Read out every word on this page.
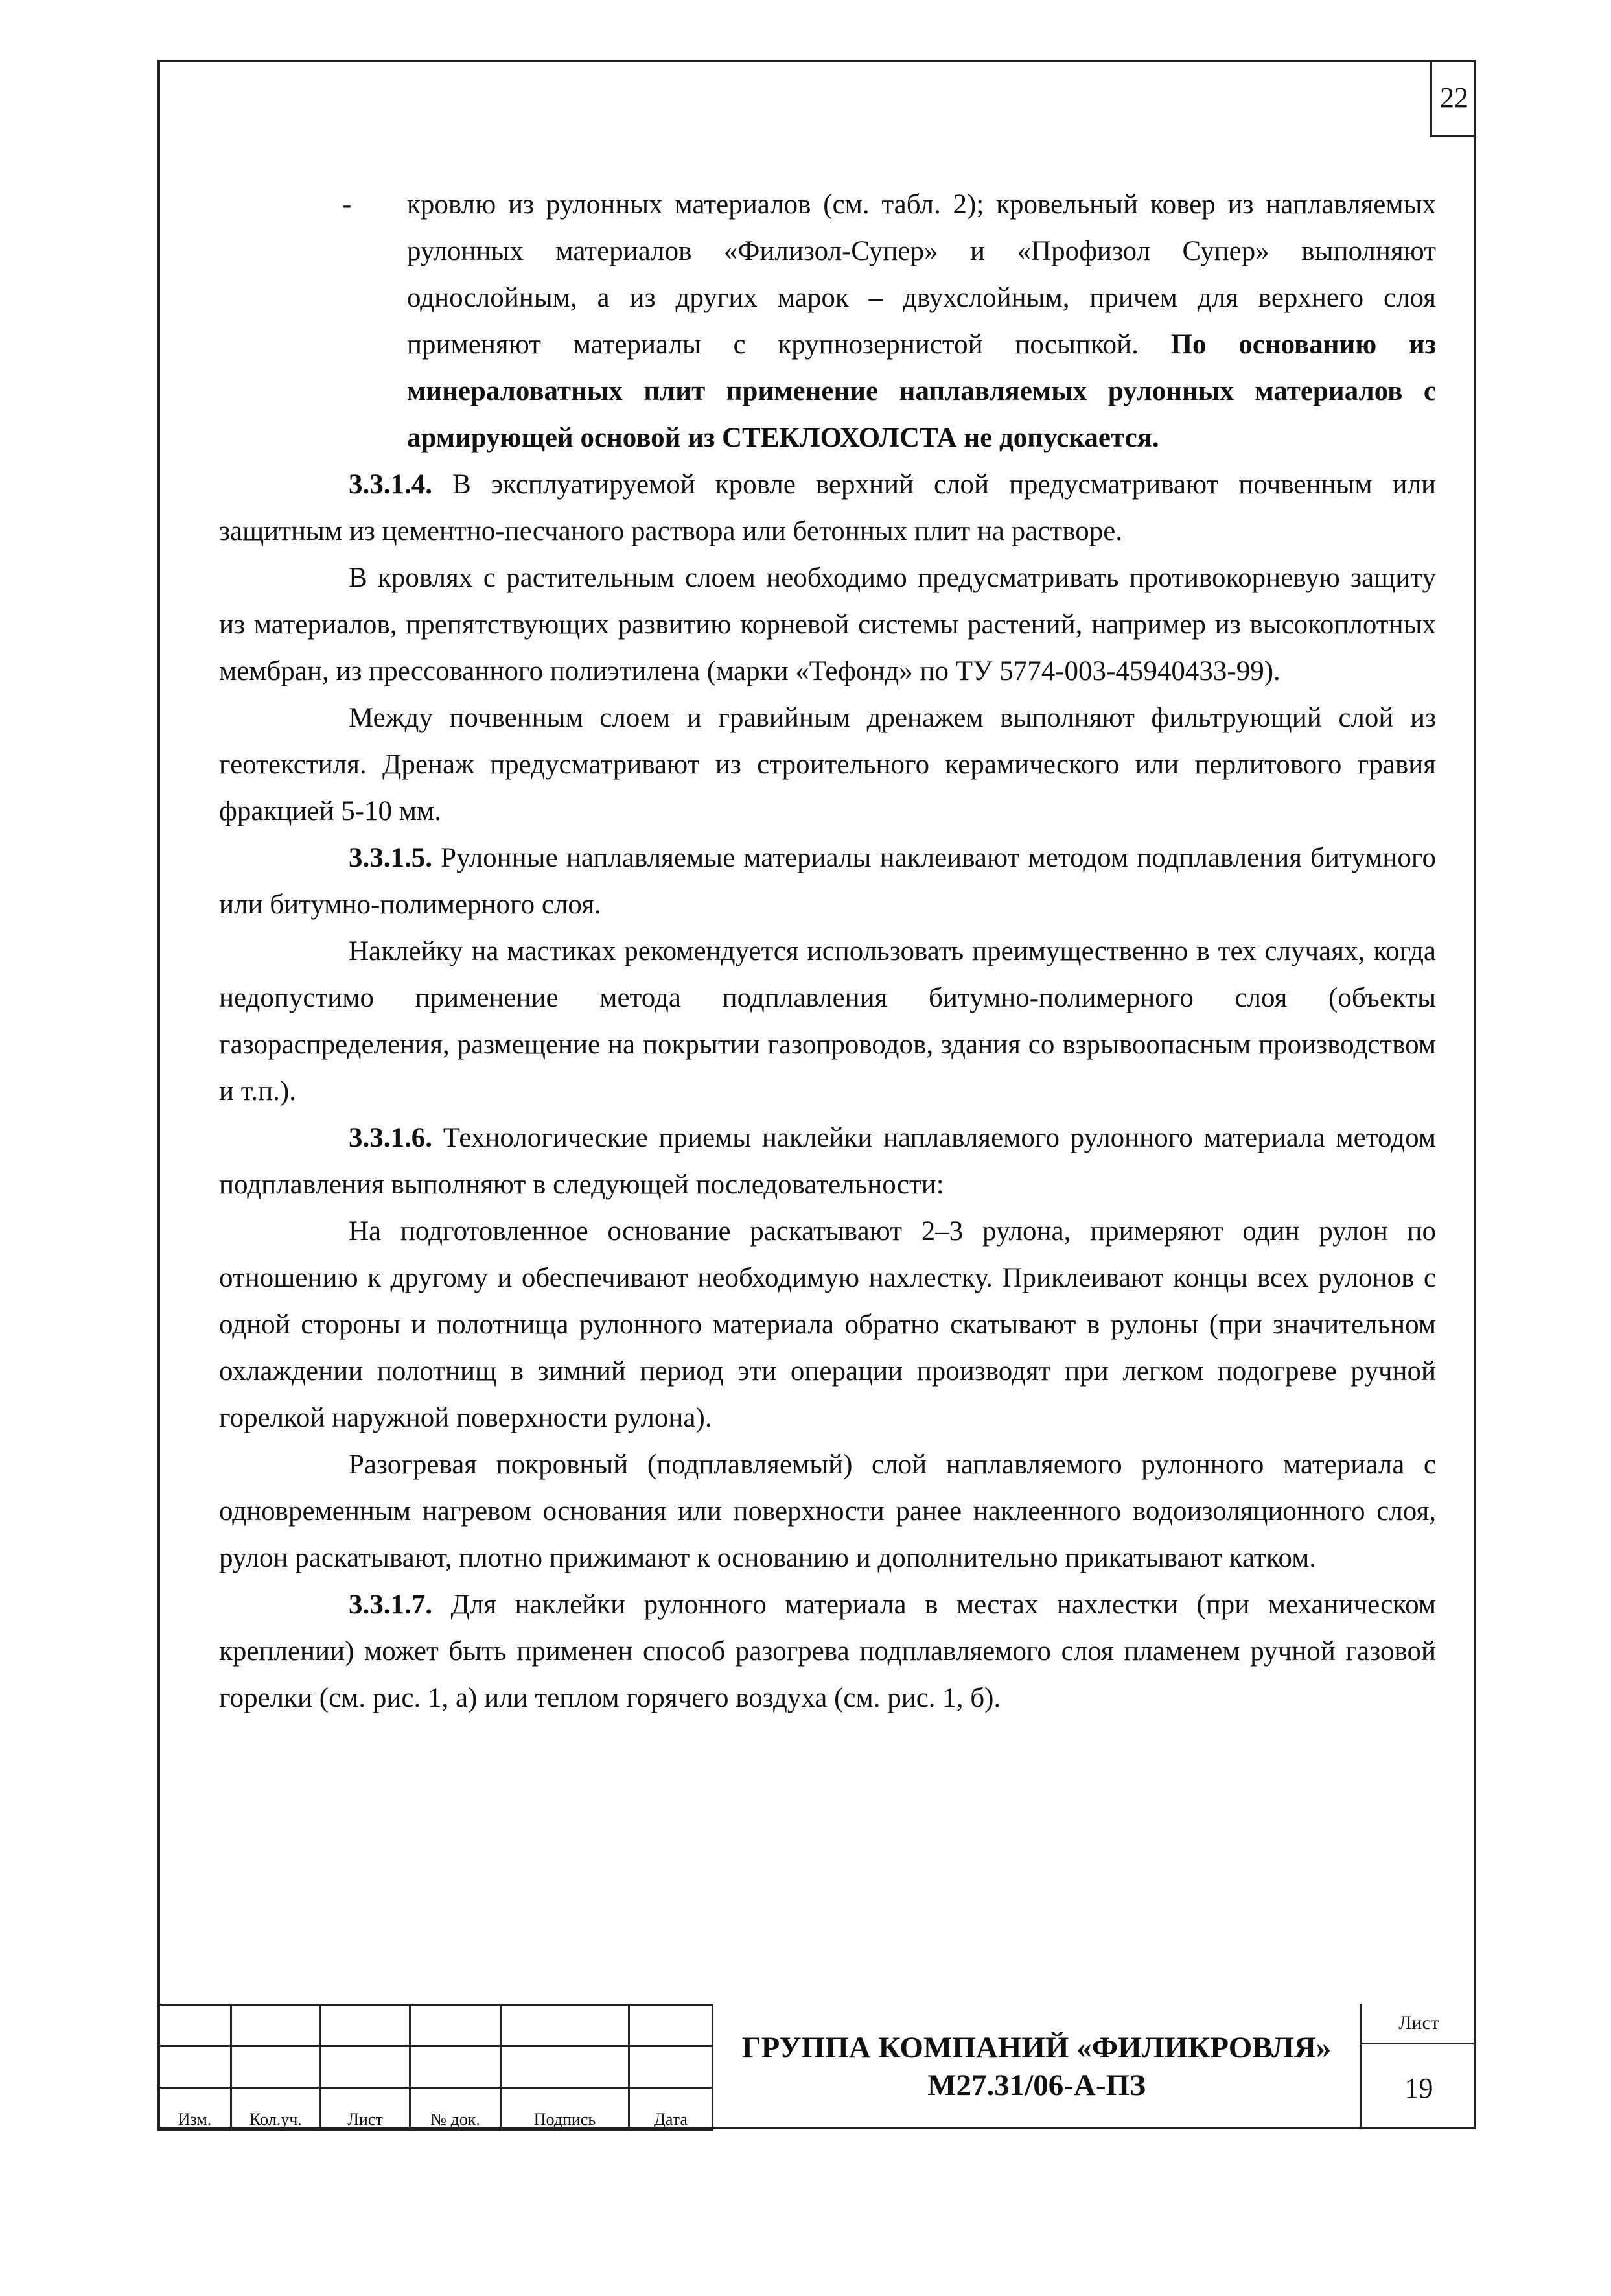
22
-	кровлю из рулонных материалов (см. табл. 2); кровельный ковер из наплавляемых рулонных материалов «Филизол-Супер» и «Профизол Супер» выполняют однослойным, а из других марок – двухслойным, причем для верхнего слоя применяют материалы с крупнозернистой посыпкой. По основанию из минераловатных плит применение наплавляемых рулонных материалов с армирующей основой из СТЕКЛОХОЛСТА не допускается.
3.3.1.4. В эксплуатируемой кровле верхний слой предусматривают почвенным или защитным из цементно-песчаного раствора или бетонных плит на растворе.
В кровлях с растительным слоем необходимо предусматривать противокорневую защиту из материалов, препятствующих развитию корневой системы растений, например из высокоплотных мембран, из прессованного полиэтилена (марки «Тефонд» по ТУ 5774-003-45940433-99).
Между почвенным слоем и гравийным дренажем выполняют фильтрующий слой из геотекстиля. Дренаж предусматривают из строительного керамического или перлитового гравия фракцией 5-10 мм.
3.3.1.5. Рулонные наплавляемые материалы наклеивают методом подплавления битумного или битумно-полимерного слоя.
Наклейку на мастиках рекомендуется использовать преимущественно в тех случаях, когда недопустимо применение метода подплавления битумно-полимерного слоя (объекты газораспределения, размещение на покрытии газопроводов, здания со взрывоопасным производством и т.п.).
3.3.1.6. Технологические приемы наклейки наплавляемого рулонного материала методом подплавления выполняют в следующей последовательности:
На подготовленное основание раскатывают 2–3 рулона, примеряют один рулон по отношению к другому и обеспечивают необходимую нахлестку. Приклеивают концы всех рулонов с одной стороны и полотнища рулонного материала обратно скатывают в рулоны (при значительном охлаждении полотнищ в зимний период эти операции производят при легком подогреве ручной горелкой наружной поверхности рулона).
Разогревая покровный (подплавляемый) слой наплавляемого рулонного материала с одновременным нагревом основания или поверхности ранее наклеенного водоизоляционного слоя, рулон раскатывают, плотно прижимают к основанию и дополнительно прикатывают катком.
3.3.1.7. Для наклейки рулонного материала в местах нахлестки (при механическом креплении) может быть применен способ разогрева подплавляемого слоя пламенем ручной газовой горелки (см. рис. 1, а) или теплом горячего воздуха (см. рис. 1, б).

Изм.	Кол.уч.	Лист	№ док.	Подпись	Дата
ГРУППА КОМПАНИЙ «ФИЛИКРОВЛЯ»
М27.31/06-А-ПЗ
Лист
19
